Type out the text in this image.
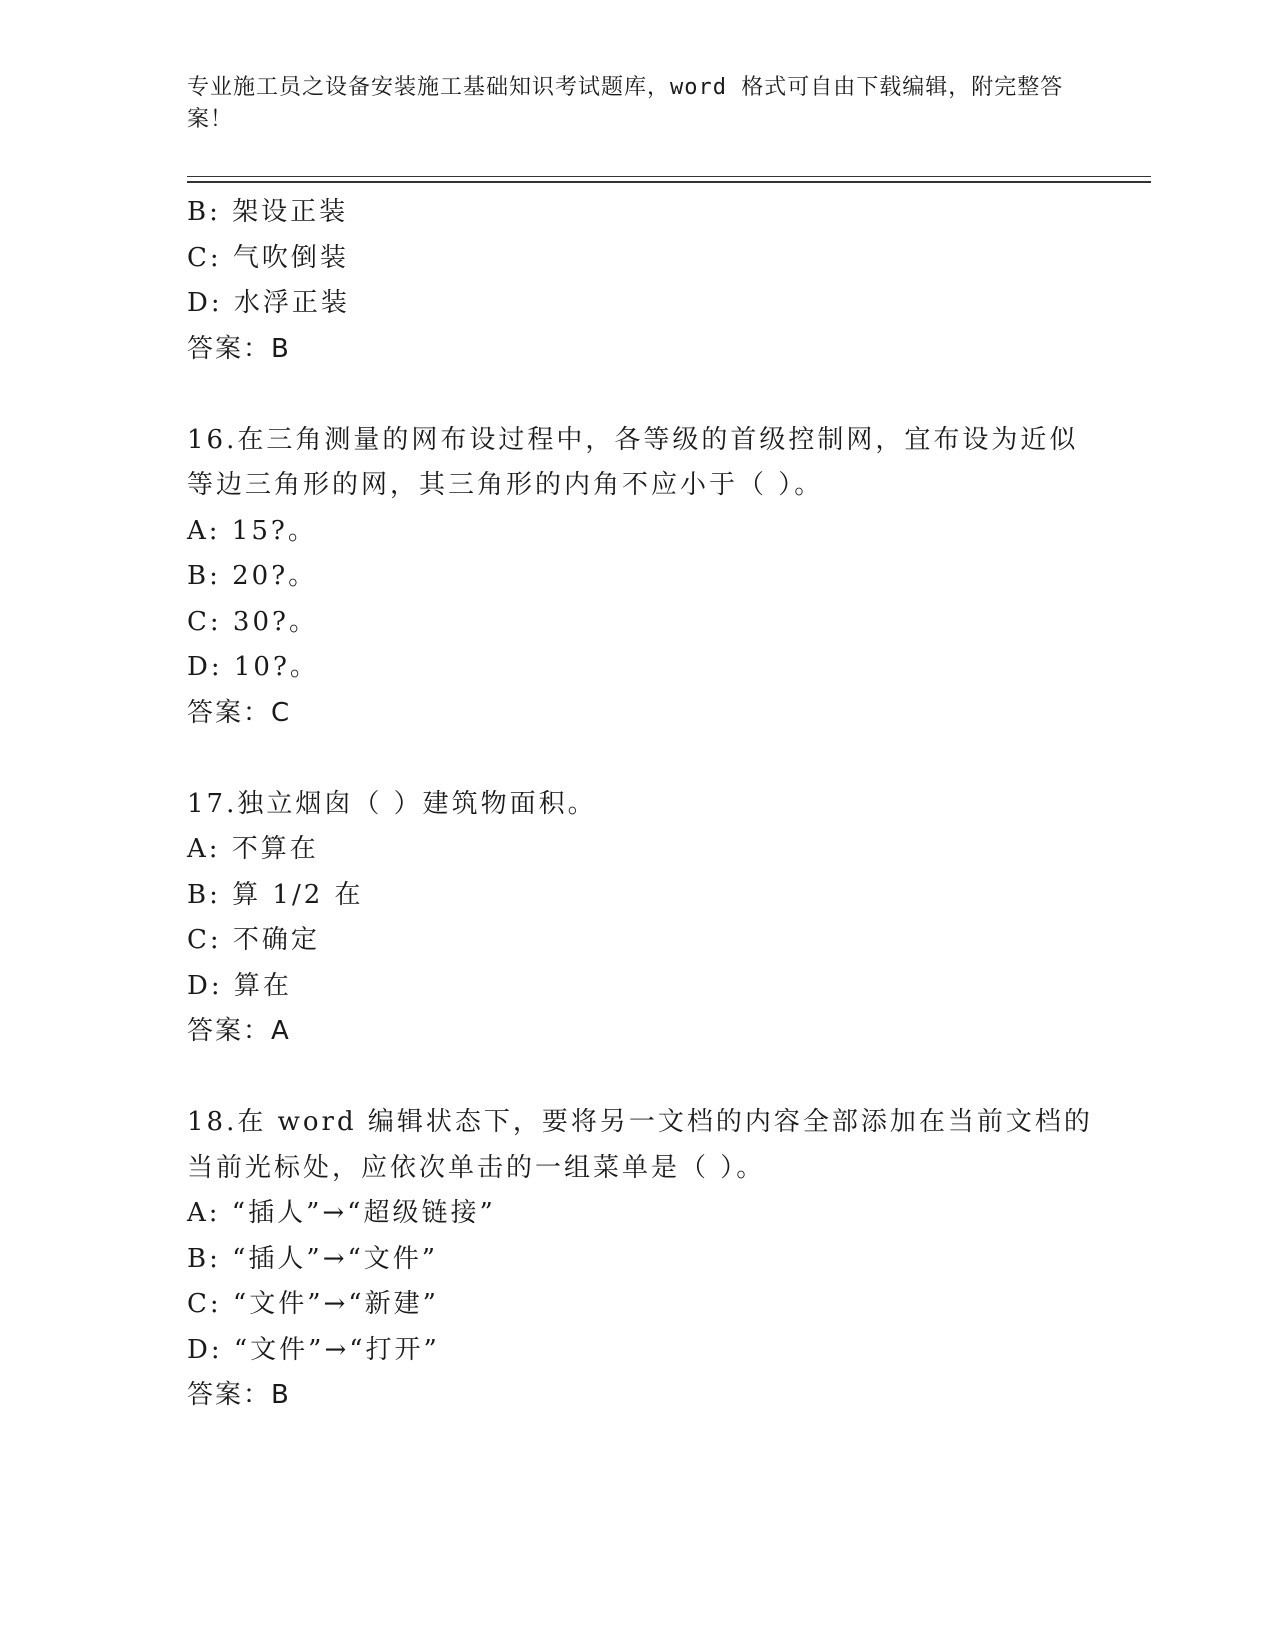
专业施工员之设备安装施工基础知识考试题库，word 格式可自由下载编辑，附完整答案！
B: 架设正装
C: 气吹倒装
D: 水浮正装
答案：B
16.在三角测量的网布设过程中，各等级的首级控制网，宜布设为近似
等边三角形的网，其三角形的内角不应小于（ ）。
A: 15?。
B: 20?。
C: 30?。
D: 10?。
答案：C
17.独立烟囱（ ）建筑物面积。
A: 不算在
B: 算 1/2 在
C: 不确定
D: 算在
答案：A
18.在 word 编辑状态下，要将另一文档的内容全部添加在当前文档的
当前光标处，应依次单击的一组菜单是（ ）。
A: “插人”→“超级链接”
B: “插人”→“文件”
C: “文件”→“新建”
D: “文件”→“打开”
答案：B
